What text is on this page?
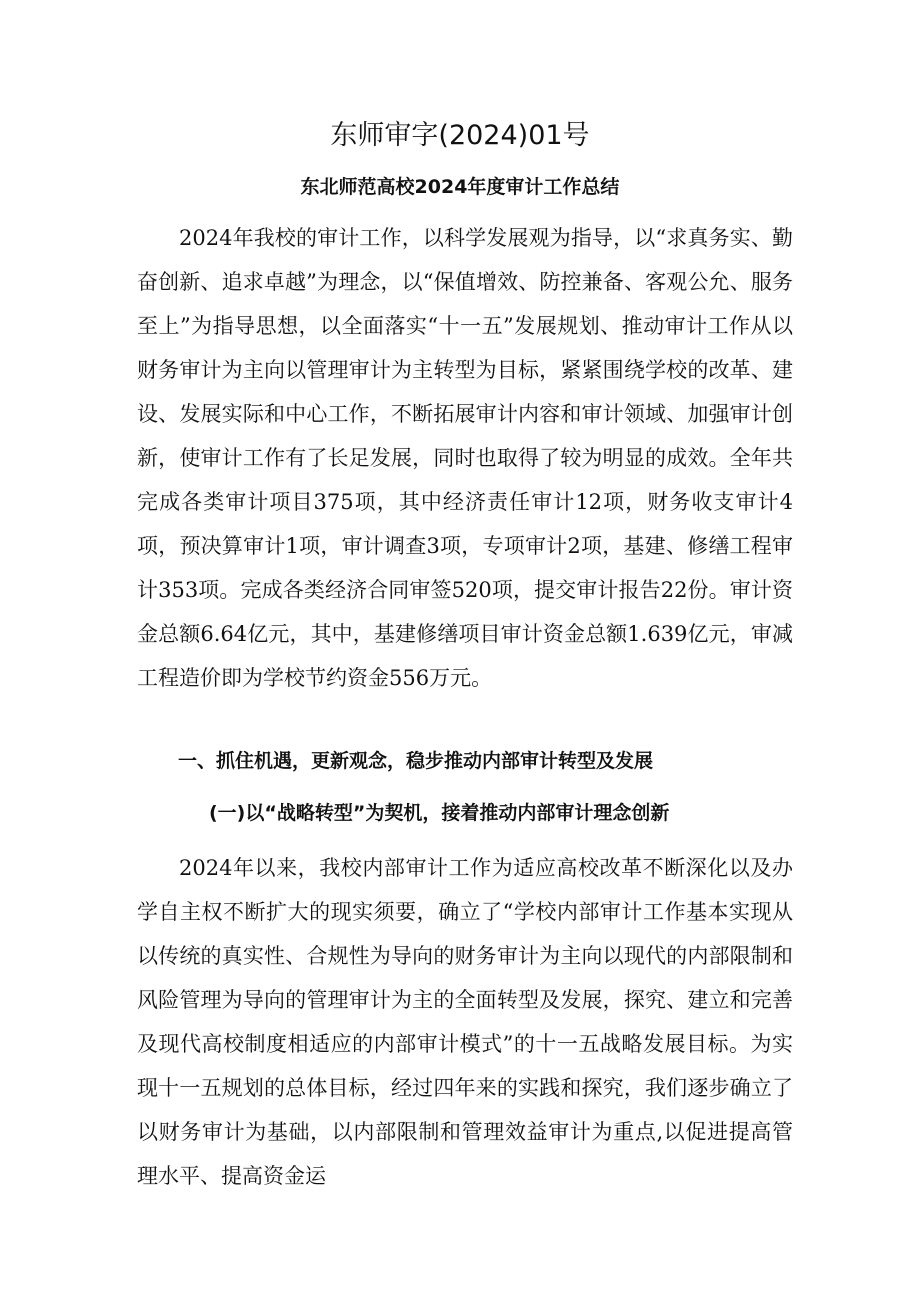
东师审字(2024)01号
东北师范高校2024年度审计工作总结

2024年我校的审计工作，以科学发展观为指导，以“求真务实、勤奋创新、追求卓越”为理念，以“保值增效、防控兼备、客观公允、服务至上”为指导思想，以全面落实“十一五”发展规划、推动审计工作从以财务审计为主向以管理审计为主转型为目标，紧紧围绕学校的改革、建设、发展实际和中心工作，不断拓展审计内容和审计领域、加强审计创新，使审计工作有了长足发展，同时也取得了较为明显的成效。全年共完成各类审计项目375项，其中经济责任审计12项，财务收支审计4项，预决算审计1项，审计调查3项，专项审计2项，基建、修缮工程审计353项。完成各类经济合同审签520项，提交审计报告22份。审计资金总额6.64亿元，其中，基建修缮项目审计资金总额1.639亿元，审减工程造价即为学校节约资金556万元。

一、抓住机遇，更新观念，稳步推动内部审计转型及发展
(一)以“战略转型”为契机，接着推动内部审计理念创新

2024年以来，我校内部审计工作为适应高校改革不断深化以及办学自主权不断扩大的现实须要，确立了“学校内部审计工作基本实现从以传统的真实性、合规性为导向的财务审计为主向以现代的内部限制和风险管理为导向的管理审计为主的全面转型及发展，探究、建立和完善及现代高校制度相适应的内部审计模式”的十一五战略发展目标。为实现十一五规划的总体目标，经过四年来的实践和探究，我们逐步确立了以财务审计为基础，以内部限制和管理效益审计为重点,以促进提高管理水平、提高资金运
